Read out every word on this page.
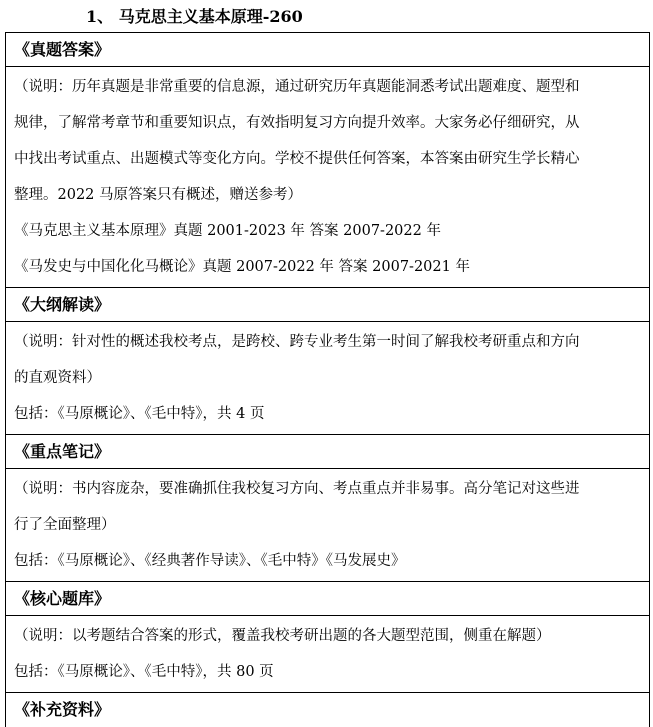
1、 马克思主义基本原理-260
《真题答案》
（说明：历年真题是非常重要的信息源，通过研究历年真题能洞悉考试出题难度、题型和
规律，了解常考章节和重要知识点，有效指明复习方向提升效率。大家务必仔细研究，从
中找出考试重点、出题模式等变化方向。学校不提供任何答案，本答案由研究生学长精心
整理。2022 马原答案只有概述，赠送参考）
《马克思主义基本原理》真题 2001-2023 年 答案 2007-2022 年
《马发史与中国化化马概论》真题 2007-2022 年 答案 2007-2021 年
《大纲解读》
（说明：针对性的概述我校考点，是跨校、跨专业考生第一时间了解我校考研重点和方向
的直观资料）
包括：《马原概论》、《毛中特》，共 4 页
《重点笔记》
（说明：书内容庞杂，要准确抓住我校复习方向、考点重点并非易事。高分笔记对这些进
行了全面整理）
包括：《马原概论》、《经典著作导读》、《毛中特》《马发展史》
《核心题库》
（说明：以考题结合答案的形式，覆盖我校考研出题的各大题型范围，侧重在解题）
包括：《马原概论》、《毛中特》，共 80 页
《补充资料》
